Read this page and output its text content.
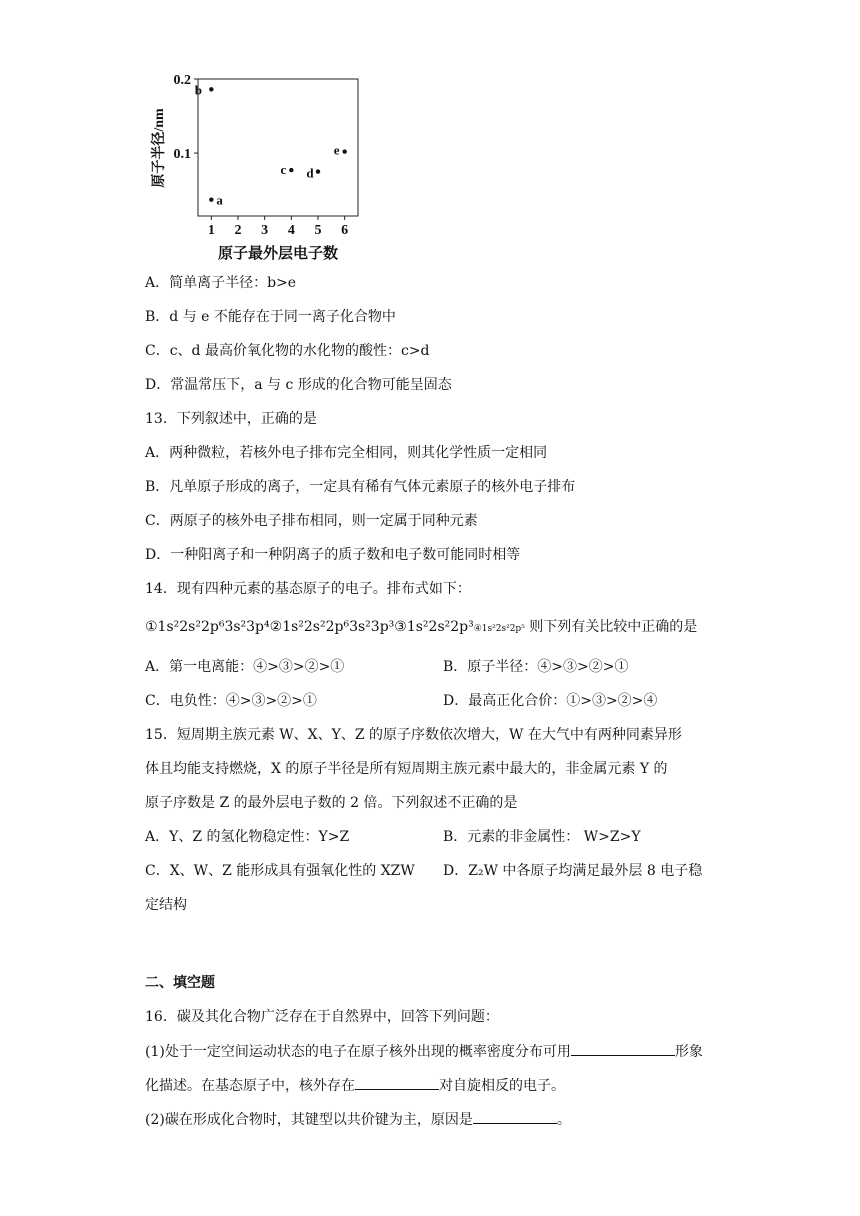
1 2 3 4 5 6
0.2
0.1
b
a
c d
e
原子最外层电子数
原子半径/nm
A．简单离子半径：b>e
B．d 与 e 不能存在于同一离子化合物中
C．c、d 最高价氧化物的水化物的酸性：c>d
D．常温常压下，a 与 c 形成的化合物可能呈固态
13．下列叙述中，正确的是
A．两种微粒，若核外电子排布完全相同，则其化学性质一定相同
B．凡单原子形成的离子，一定具有稀有气体元素原子的核外电子排布
C．两原子的核外电子排布相同，则一定属于同种元素
D．一种阳离子和一种阴离子的质子数和电子数可能同时相等
14．现有四种元素的基态原子的电子。排布式如下：
①1s²2s²2p⁶3s²3p⁴②1s²2s²2p⁶3s²3p³③1s²2s²2p³④1s²2s²2p⁵ 则下列有关比较中正确的是
A．第一电离能：④>③>②>①	B．原子半径：④>③>②>①
C．电负性：④>③>②>①	D．最高正化合价：①>③>②>④
15．短周期主族元素 W、X、Y、Z 的原子序数依次增大，W 在大气中有两种同素异形
体且均能支持燃烧，X 的原子半径是所有短周期主族元素中最大的，非金属元素 Y 的
原子序数是 Z 的最外层电子数的 2 倍。下列叙述不正确的是
A．Y、Z 的氢化物稳定性：Y>Z	B．元素的非金属性： W>Z>Y
C．X、W、Z 能形成具有强氧化性的 XZW D．Z₂W 中各原子均满足最外层 8 电子稳
定结构
二、填空题
16．碳及其化合物广泛存在于自然界中，回答下列问题：
(1)处于一定空间运动状态的电子在原子核外出现的概率密度分布可用	形象
化描述。在基态原子中，核外存在	对自旋相反的电子。
(2)碳在形成化合物时，其键型以共价键为主，原因是	。
